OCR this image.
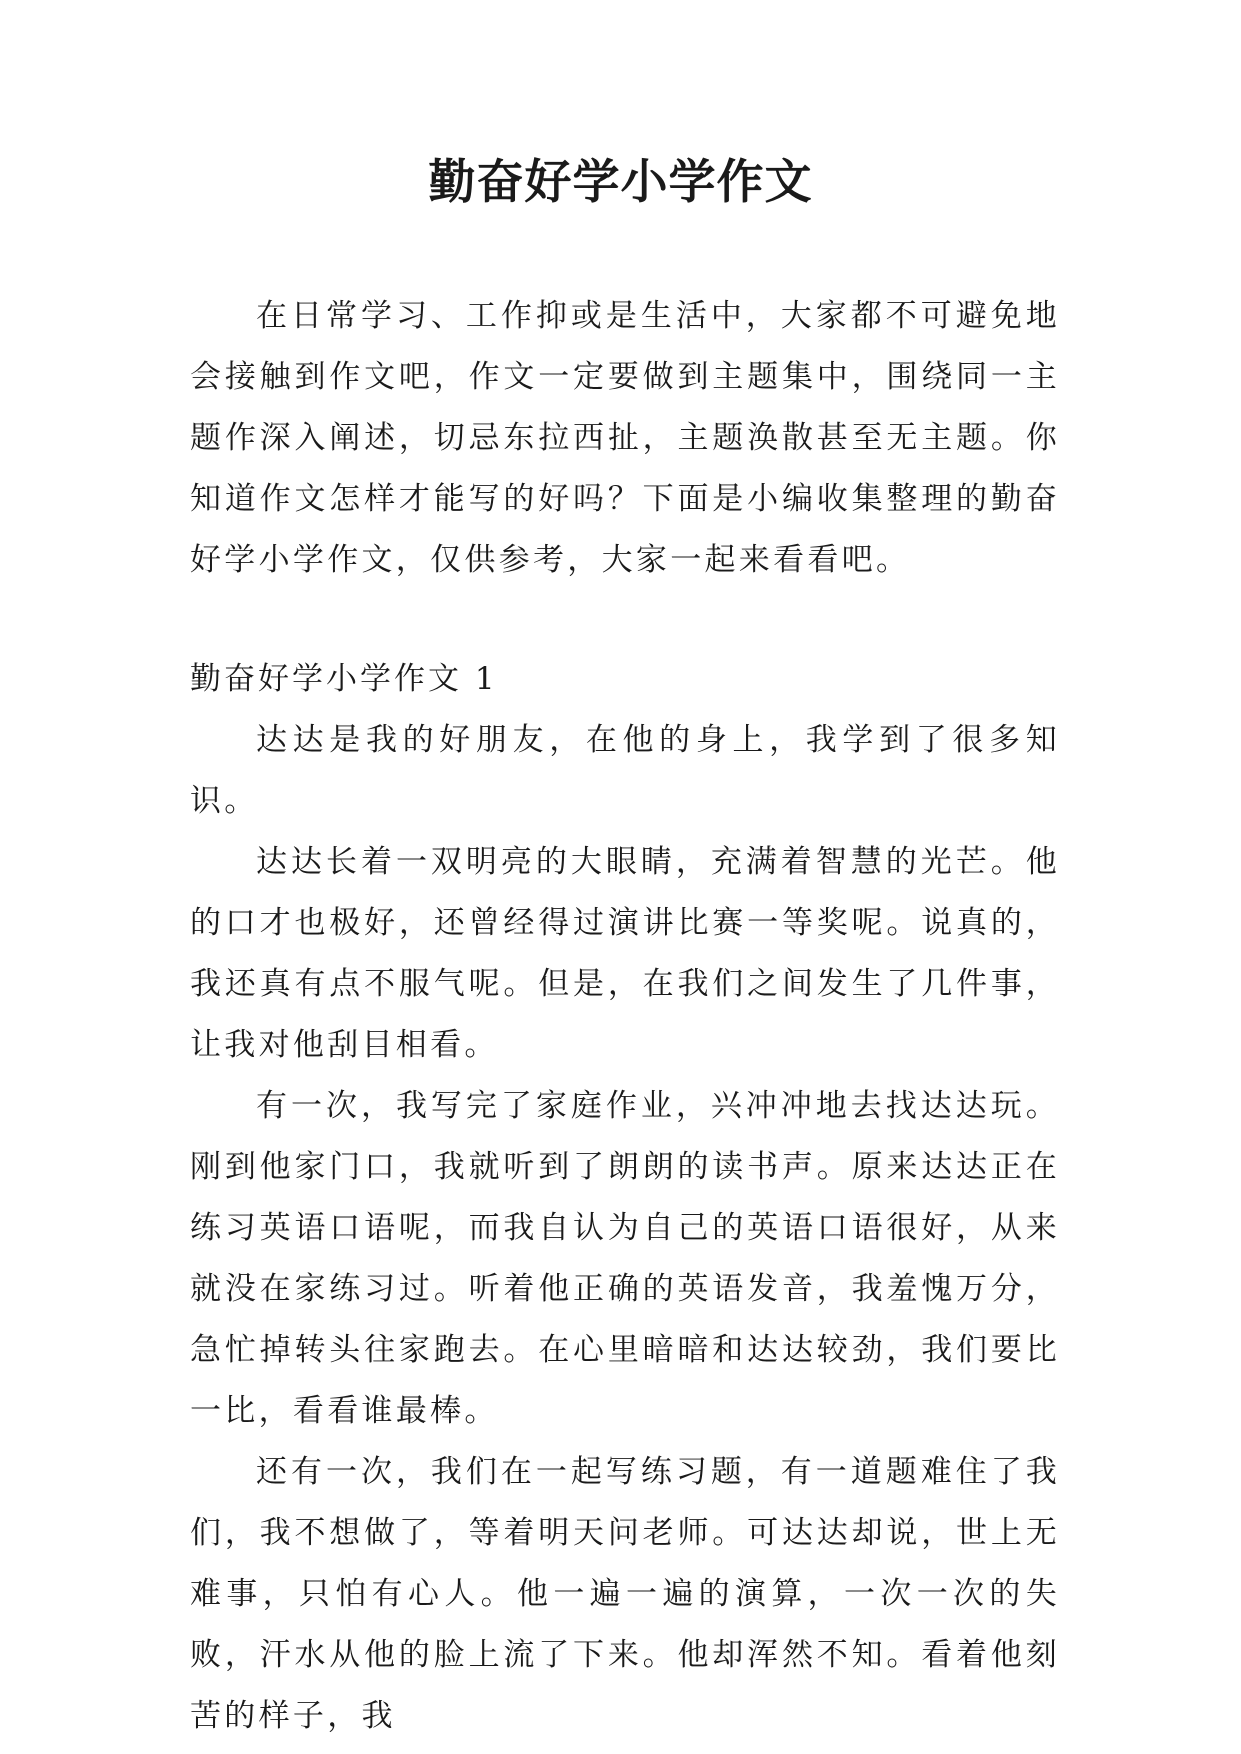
勤奋好学小学作文

在日常学习、工作抑或是生活中，大家都不可避免地会接触到作文吧，作文一定要做到主题集中，围绕同一主题作深入阐述，切忌东拉西扯，主题涣散甚至无主题。你知道作文怎样才能写的好吗？下面是小编收集整理的勤奋好学小学作文，仅供参考，大家一起来看看吧。

勤奋好学小学作文 1

达达是我的好朋友，在他的身上，我学到了很多知识。

达达长着一双明亮的大眼睛，充满着智慧的光芒。他的口才也极好，还曾经得过演讲比赛一等奖呢。说真的，我还真有点不服气呢。但是，在我们之间发生了几件事，让我对他刮目相看。

有一次，我写完了家庭作业，兴冲冲地去找达达玩。刚到他家门口，我就听到了朗朗的读书声。原来达达正在练习英语口语呢，而我自认为自己的英语口语很好，从来就没在家练习过。听着他正确的英语发音，我羞愧万分，急忙掉转头往家跑去。在心里暗暗和达达较劲，我们要比一比，看看谁最棒。

还有一次，我们在一起写练习题，有一道题难住了我们，我不想做了，等着明天问老师。可达达却说，世上无难事，只怕有心人。他一遍一遍的演算，一次一次的失败，汗水从他的脸上流了下来。他却浑然不知。看着他刻苦的样子，我
